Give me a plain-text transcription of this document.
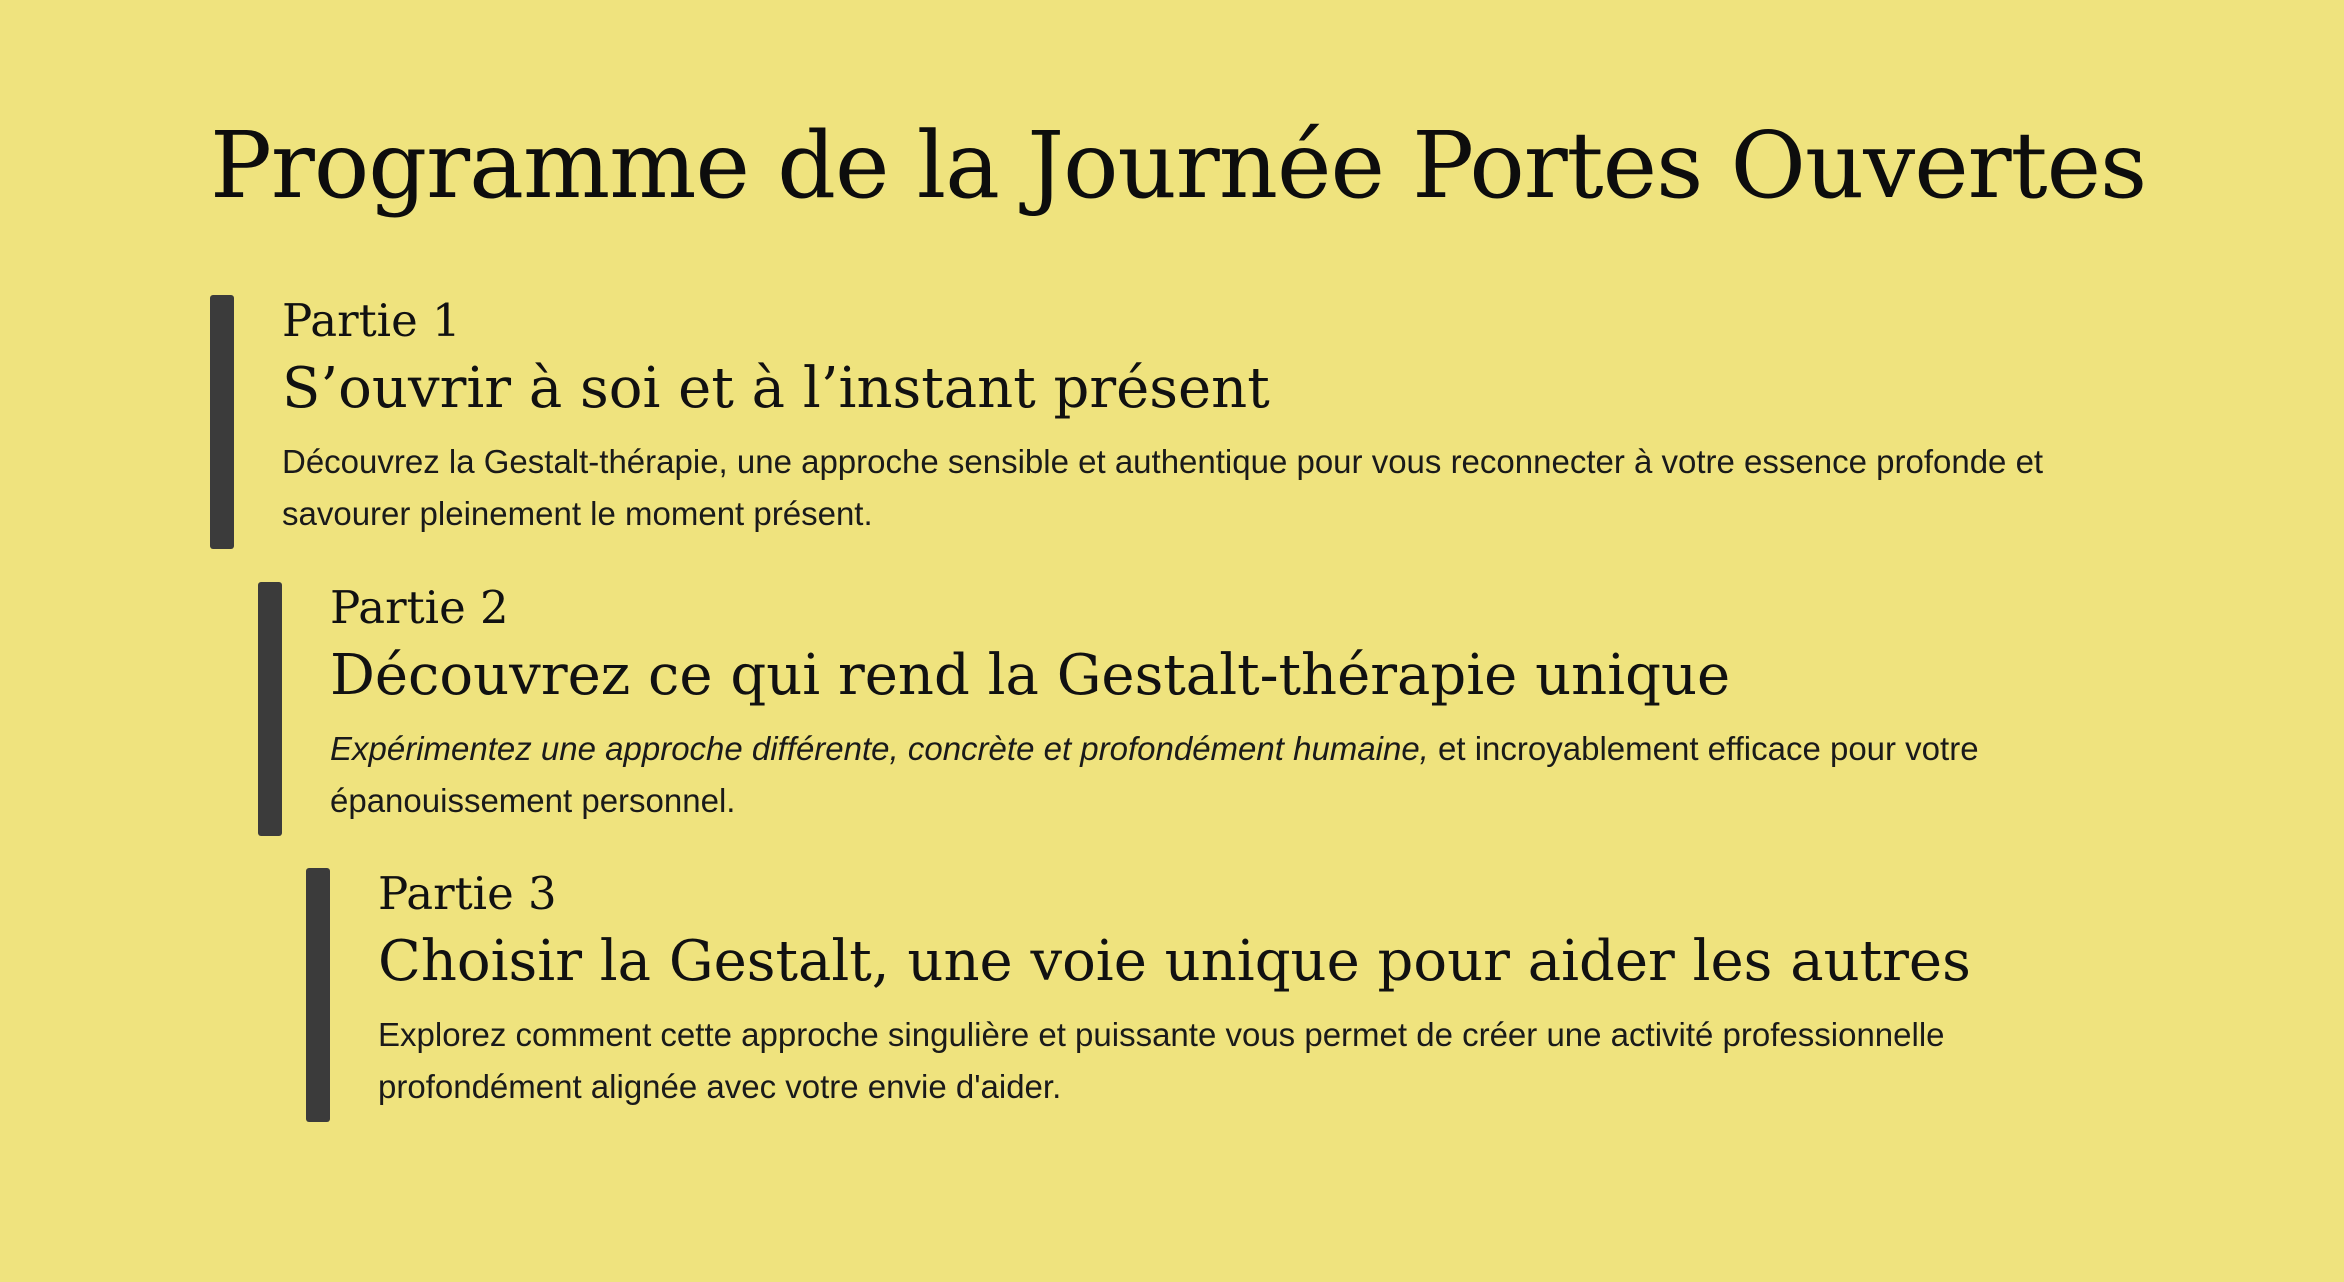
Programme de la Journée Portes Ouvertes

Partie 1

S’ouvrir à soi et à l’instant présent

Découvrez la Gestalt-thérapie, une approche sensible et authentique pour vous reconnecter à votre essence profonde et savourer pleinement le moment présent.

Partie 2

Découvrez ce qui rend la Gestalt-thérapie unique

Expérimentez une approche différente, concrète et profondément humaine, et incroyablement efficace pour votre épanouissement personnel.

Partie 3

Choisir la Gestalt, une voie unique pour aider les autres

Explorez comment cette approche singulière et puissante vous permet de créer une activité professionnelle profondément alignée avec votre envie d'aider.
